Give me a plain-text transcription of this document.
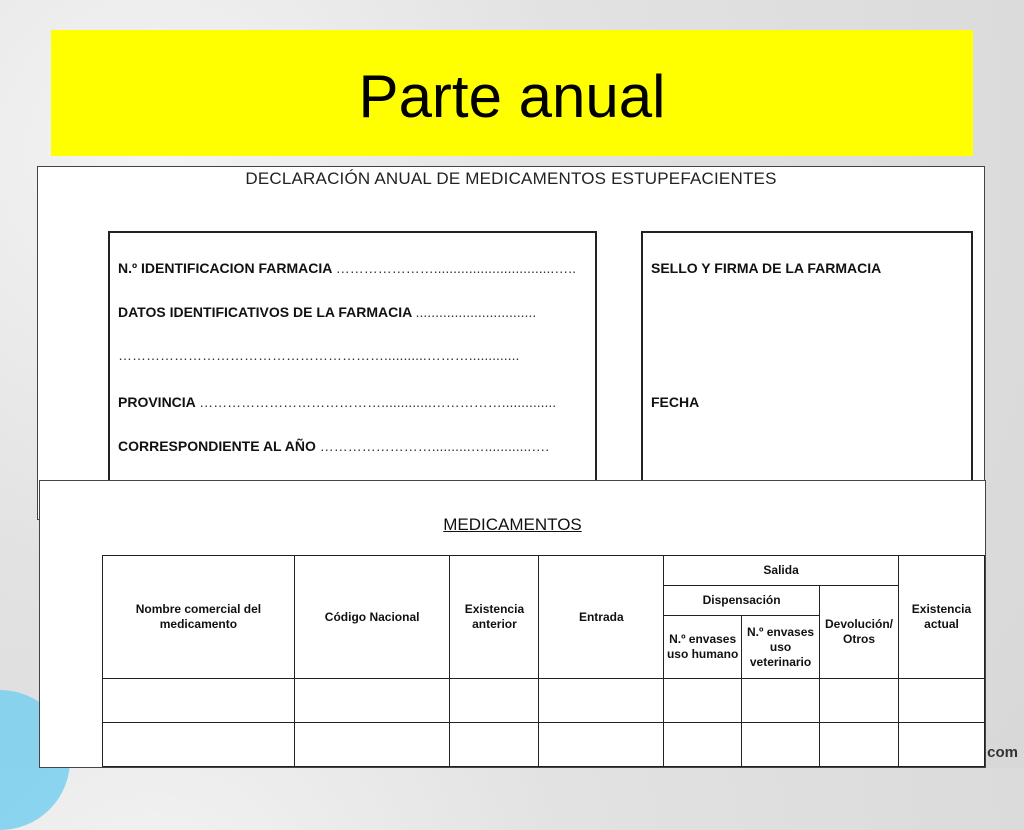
com
Parte anual
DECLARACIÓN ANUAL DE MEDICAMENTOS ESTUPEFACIENTES
N.º IDENTIFICACION FARMACIA …………………...............................…..
DATOS IDENTIFICATIVOS DE LA FARMACIA ...............................
…………………………………………………...........……….............
PROVINCIA ………………………………….............……………..............
CORRESPONDIENTE AL AÑO ……………………..........…............….
SELLO Y FIRMA DE LA FARMACIA
FECHA
MEDICAMENTOS
Nombre comercial del medicamento	Código Nacional	Existencia anterior	Entrada	Salida			Existencia actual
				Dispensación		Devolución/ Otros	
				N.º envases uso humano	N.º envases uso veterinario		
